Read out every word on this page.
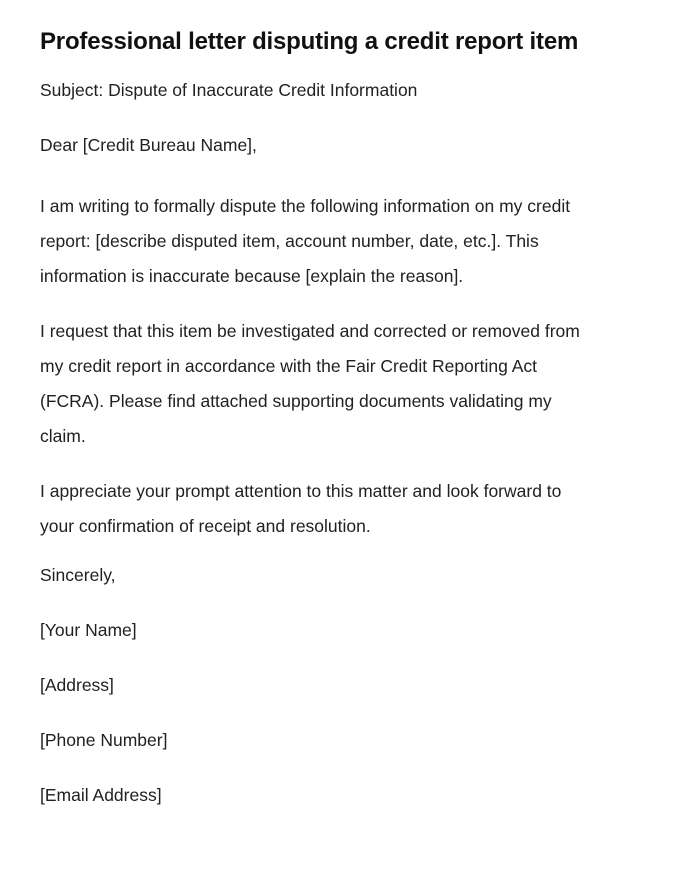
Professional letter disputing a credit report item

Subject: Dispute of Inaccurate Credit Information

Dear [Credit Bureau Name],

I am writing to formally dispute the following information on my credit report: [describe disputed item, account number, date, etc.]. This information is inaccurate because [explain the reason].

I request that this item be investigated and corrected or removed from my credit report in accordance with the Fair Credit Reporting Act (FCRA). Please find attached supporting documents validating my claim.

I appreciate your prompt attention to this matter and look forward to your confirmation of receipt and resolution.

Sincerely,

[Your Name]

[Address]

[Phone Number]

[Email Address]
